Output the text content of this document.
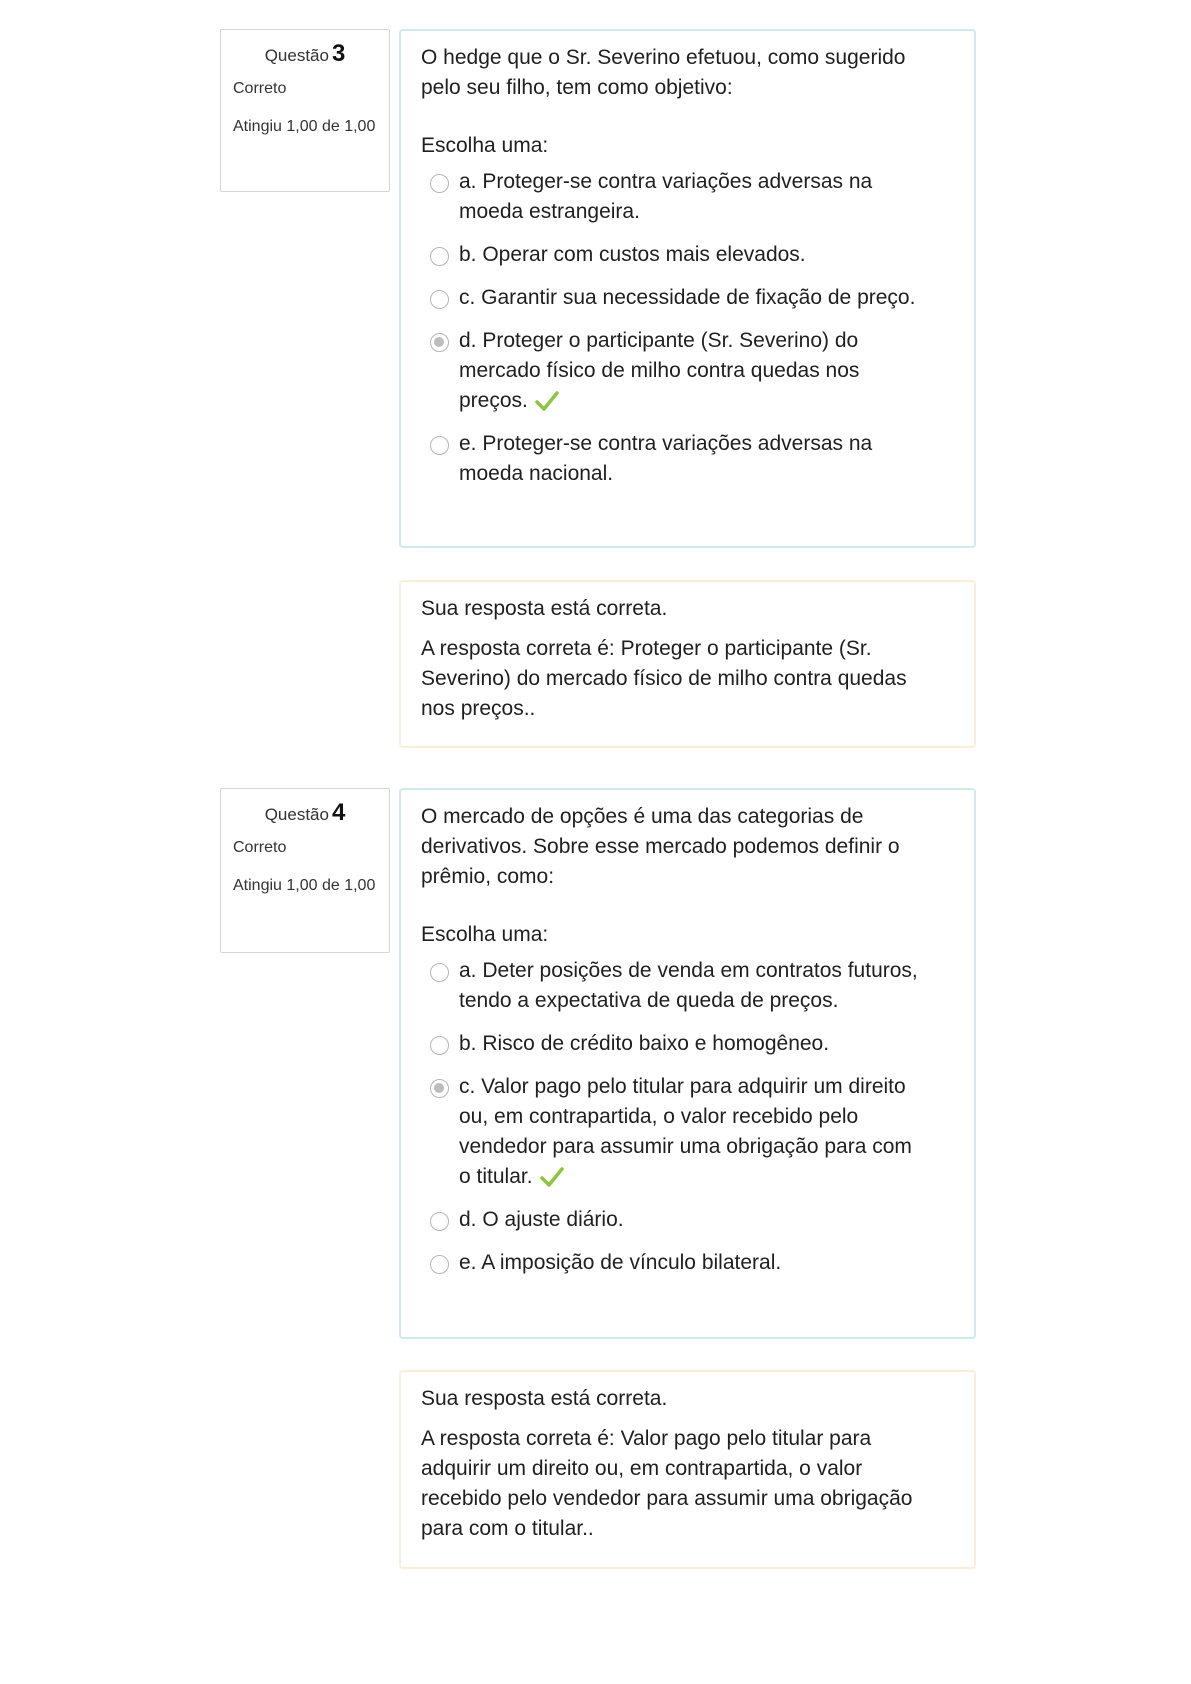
Questão 3
Correto
Atingiu 1,00 de 1,00
O hedge que o Sr. Severino efetuou, como sugerido pelo seu filho, tem como objetivo:
Escolha uma:
a. Proteger-se contra variações adversas na moeda estrangeira.
b. Operar com custos mais elevados.
c. Garantir sua necessidade de fixação de preço.
d. Proteger o participante (Sr. Severino) do mercado físico de milho contra quedas nos preços.
e. Proteger-se contra variações adversas na moeda nacional.
Sua resposta está correta.
A resposta correta é: Proteger o participante (Sr. Severino) do mercado físico de milho contra quedas nos preços..
Questão 4
Correto
Atingiu 1,00 de 1,00
O mercado de opções é uma das categorias de derivativos. Sobre esse mercado podemos definir o prêmio, como:
Escolha uma:
a. Deter posições de venda em contratos futuros, tendo a expectativa de queda de preços.
b. Risco de crédito baixo e homogêneo.
c. Valor pago pelo titular para adquirir um direito ou, em contrapartida, o valor recebido pelo vendedor para assumir uma obrigação para com o titular.
d. O ajuste diário.
e. A imposição de vínculo bilateral.
Sua resposta está correta.
A resposta correta é: Valor pago pelo titular para adquirir um direito ou, em contrapartida, o valor recebido pelo vendedor para assumir uma obrigação para com o titular..
